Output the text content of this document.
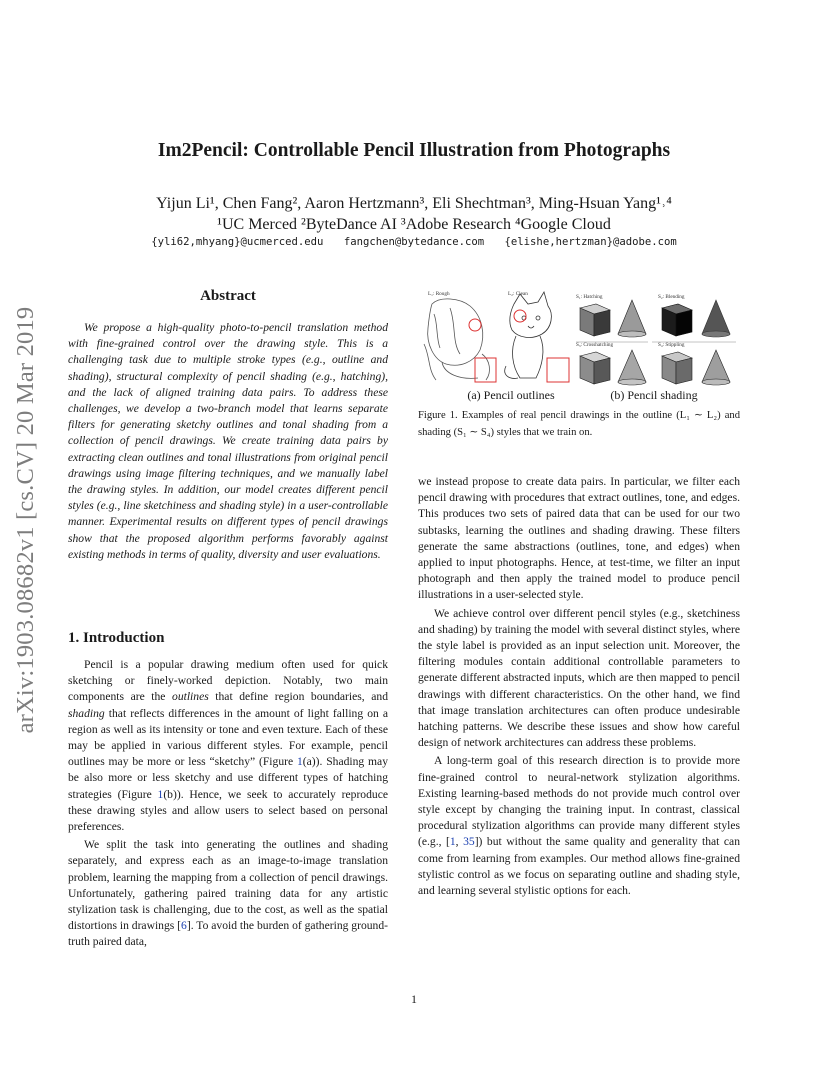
arXiv:1903.08682v1 [cs.CV] 20 Mar 2019
Im2Pencil: Controllable Pencil Illustration from Photographs
Yijun Li¹, Chen Fang², Aaron Hertzmann³, Eli Shechtman³, Ming-Hsuan Yang¹˒⁴
¹UC Merced ²ByteDance AI ³Adobe Research ⁴Google Cloud
{yli62,mhyang}@ucmerced.edu fangchen@bytedance.com {elishe,hertzman}@adobe.com
Abstract
We propose a high-quality photo-to-pencil translation method with fine-grained control over the drawing style. This is a challenging task due to multiple stroke types (e.g., outline and shading), structural complexity of pencil shading (e.g., hatching), and the lack of aligned training data pairs. To address these challenges, we develop a two-branch model that learns separate filters for generating sketchy outlines and tonal shading from a collection of pencil drawings. We create training data pairs by extracting clean outlines and tonal illustrations from original pencil drawings using image filtering techniques, and we manually label the drawing styles. In addition, our model creates different pencil styles (e.g., line sketchiness and shading style) in a user-controllable manner. Experimental results on different types of pencil drawings show that the proposed algorithm performs favorably against existing methods in terms of quality, diversity and user evaluations.
1. Introduction

Pencil is a popular drawing medium often used for quick sketching or finely-worked depiction. Notably, two main components are the outlines that define region boundaries, and shading that reflects differences in the amount of light falling on a region as well as its intensity or tone and even texture. Each of these may be applied in various different styles. For example, pencil outlines may be more or less “sketchy” (Figure 1(a)). Shading may be also more or less sketchy and use different types of hatching strategies (Figure 1(b)). Hence, we seek to accurately reproduce these drawing styles and allow users to select based on personal preferences.

We split the task into generating the outlines and shading separately, and express each as an image-to-image translation problem, learning the mapping from a collection of pencil drawings. Unfortunately, gathering paired training data for any artistic stylization task is challenging, due to the cost, as well as the spatial distortions in drawings [6]. To avoid the burden of gathering ground-truth paired data,

L₁: Rough	L₂: Clean	S₁: Hatching	S₂: Blending
S₃: Crosshatching	S₄: Stippling
(a) Pencil outlines	(b) Pencil shading
Figure 1. Examples of real pencil drawings in the outline (L₁ ∼ L₂) and shading (S₁ ∼ S₄) styles that we train on.

we instead propose to create data pairs. In particular, we filter each pencil drawing with procedures that extract outlines, tone, and edges. This produces two sets of paired data that can be used for our two subtasks, learning the outlines and shading drawing. These filters generate the same abstractions (outlines, tone, and edges) when applied to input photographs. Hence, at test-time, we filter an input photograph and then apply the trained model to produce pencil illustrations in a user-selected style.

We achieve control over different pencil styles (e.g., sketchiness and shading) by training the model with several distinct styles, where the style label is provided as an input selection unit. Moreover, the filtering modules contain additional controllable parameters to generate different abstracted inputs, which are then mapped to pencil drawings with different characteristics. On the other hand, we find that image translation architectures can often produce undesirable hatching patterns. We describe these issues and show how careful design of network architectures can address these problems.

A long-term goal of this research direction is to provide more fine-grained control to neural-network stylization algorithms. Existing learning-based methods do not provide much control over style except by changing the training input. In contrast, classical procedural stylization algorithms can provide many different styles (e.g., [1, 35]) but without the same quality and generality that can come from learning from examples. Our method allows fine-grained stylistic control as we focus on separating outline and shading style, and learning several stylistic options for each.

1
